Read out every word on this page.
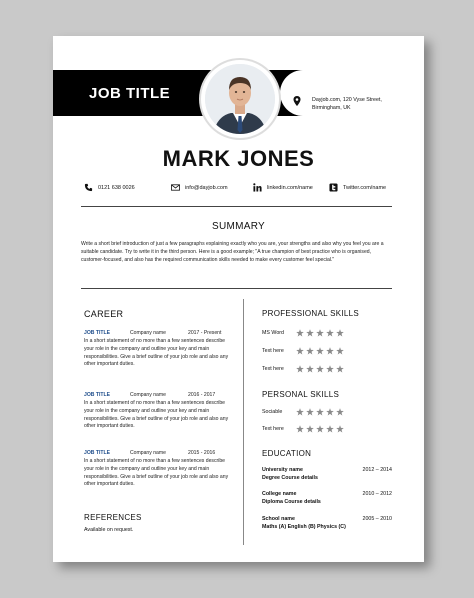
JOB TITLE	Dayjob.com, 120 Vyse Street,
Birmingham, UK
MARK JONES
0121 638 0026	info@dayjob.com	linkedin.com/name	Twitter.com/name
SUMMARY
Write a short brief introduction of just a few paragraphs explaining exactly who you are, your strengths and also why you feel you are a suitable candidate. Try to write it in the third person. Here is a good example; "A true champion of best practice who is organised, customer-focused, and also has the required communication skills needed to make every customer feel special."
CAREER
JOB TITLE	Company name	2017 - Present
In a short statement of no more than a few sentences describe your role in the company and outline your key and main responsibilities. Give a brief outline of your job role and also any other important duties.
JOB TITLE	Company name	2016 - 2017
In a short statement of no more than a few sentences describe your role in the company and outline your key and main responsibilities. Give a brief outline of your job role and also any other important duties.
JOB TITLE	Company name	2015 - 2016
In a short statement of no more than a few sentences describe your role in the company and outline your key and main responsibilities. Give a brief outline of your job role and also any other important duties.
REFERENCES
Available on request.
PROFESSIONAL SKILLS
MS Word
Text here
Text here
PERSONAL SKILLS
Sociable
Text here
EDUCATION
University name	2012 – 2014
Degree Course details
College name	2010 – 2012
Diploma Course details
School name	2005 – 2010
Maths (A) English (B) Physics (C)
